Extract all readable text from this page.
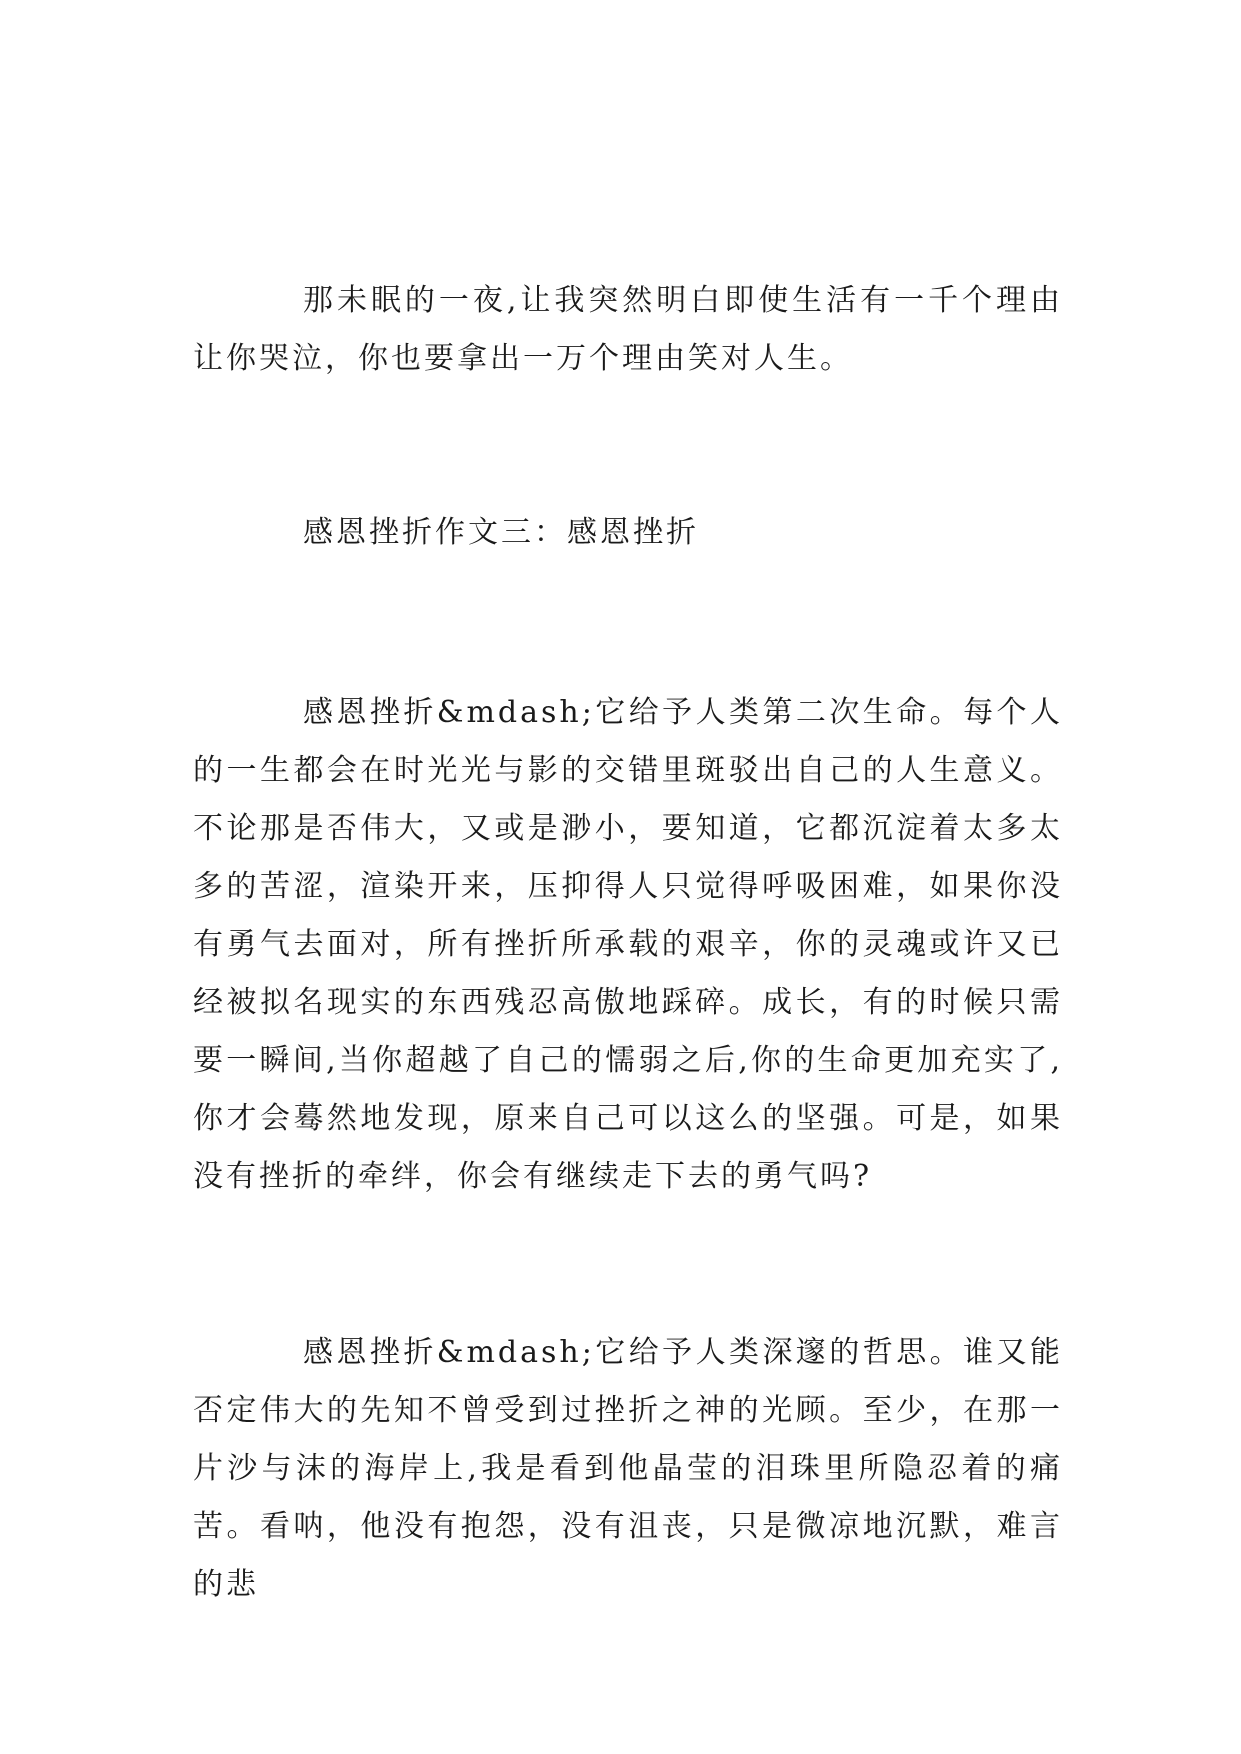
那未眠的一夜,让我突然明白即使生活有一千个理由让你哭泣，你也要拿出一万个理由笑对人生。

感恩挫折作文三：感恩挫折

感恩挫折&mdash;它给予人类第二次生命。每个人的一生都会在时光光与影的交错里斑驳出自己的人生意义。不论那是否伟大，又或是渺小，要知道，它都沉淀着太多太多的苦涩，渲染开来，压抑得人只觉得呼吸困难，如果你没有勇气去面对，所有挫折所承载的艰辛，你的灵魂或许又已经被拟名现实的东西残忍高傲地踩碎。成长，有的时候只需要一瞬间,当你超越了自己的懦弱之后,你的生命更加充实了,你才会蓦然地发现，原来自己可以这么的坚强。可是，如果没有挫折的牵绊，你会有继续走下去的勇气吗?

感恩挫折&mdash;它给予人类深邃的哲思。谁又能否定伟大的先知不曾受到过挫折之神的光顾。至少，在那一片沙与沫的海岸上,我是看到他晶莹的泪珠里所隐忍着的痛苦。看呐，他没有抱怨，没有沮丧，只是微凉地沉默，难言的悲
